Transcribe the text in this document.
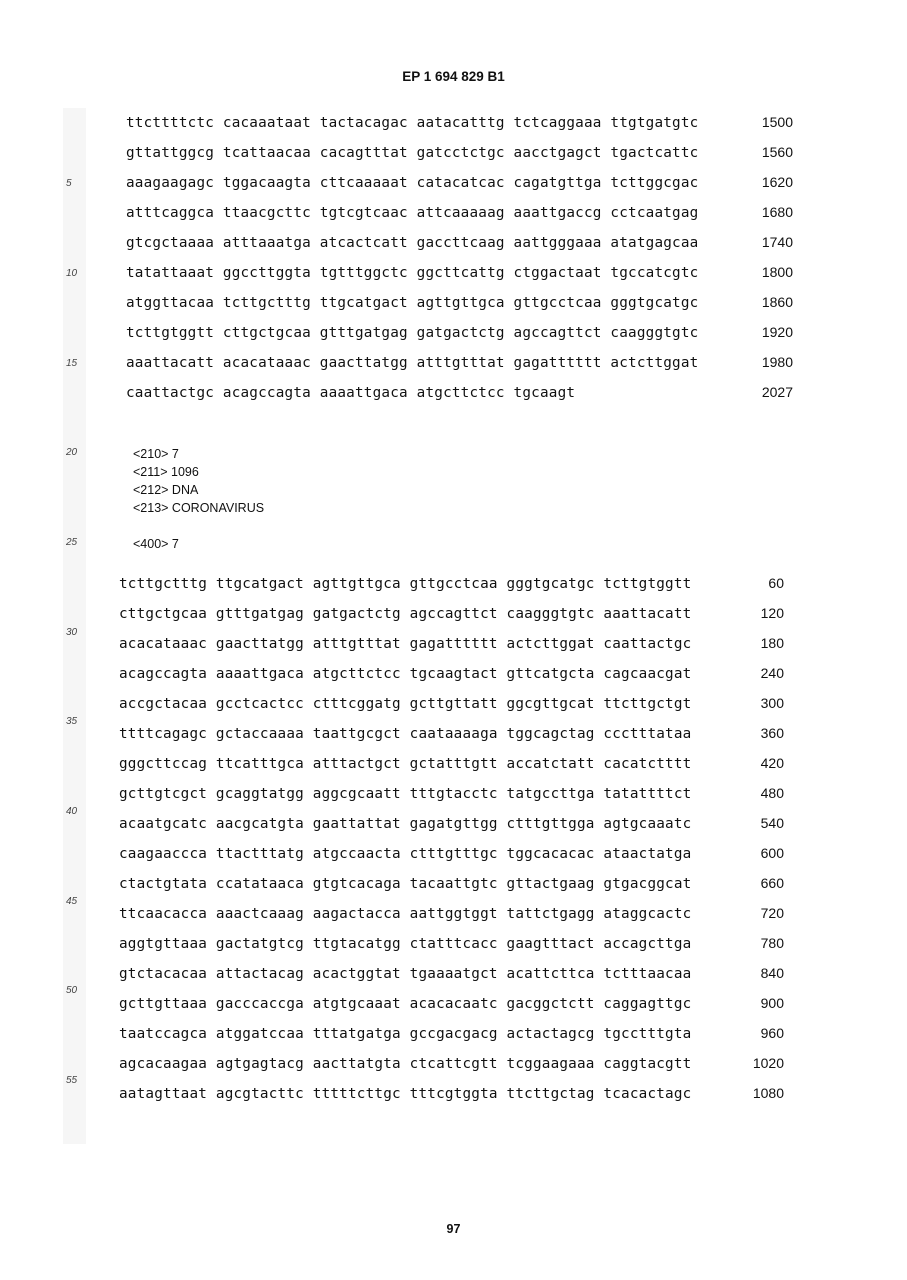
EP 1 694 829 B1
5
10
15
20
25
30
35
40
45
50
55
ttcttttctc cacaaataat tactacagac aatacatttg tctcaggaaa ttgtgatgtc	1500
gttattggcg tcattaacaa cacagtttat gatcctctgc aacctgagct tgactcattc	1560
aaagaagagc tggacaagta cttcaaaaat catacatcac cagatgttga tcttggcgac	1620
atttcaggca ttaacgcttc tgtcgtcaac attcaaaaag aaattgaccg cctcaatgag	1680
gtcgctaaaa atttaaatga atcactcatt gaccttcaag aattgggaaa atatgagcaa	1740
tatattaaat ggccttggta tgtttggctc ggcttcattg ctggactaat tgccatcgtc	1800
atggttacaa tcttgctttg ttgcatgact agttgttgca gttgcctcaa gggtgcatgc	1860
tcttgtggtt cttgctgcaa gtttgatgag gatgactctg agccagttct caagggtgtc	1920
aaattacatt acacataaac gaacttatgg atttgtttat gagatttttt actcttggat	1980
caattactgc acagccagta aaaattgaca atgcttctcc tgcaagt	2027
<210> 7
<211> 1096
<212> DNA
<213> CORONAVIRUS
<400> 7
tcttgctttg ttgcatgact agttgttgca gttgcctcaa gggtgcatgc tcttgtggtt	60
cttgctgcaa gtttgatgag gatgactctg agccagttct caagggtgtc aaattacatt	120
acacataaac gaacttatgg atttgtttat gagatttttt actcttggat caattactgc	180
acagccagta aaaattgaca atgcttctcc tgcaagtact gttcatgcta cagcaacgat	240
accgctacaa gcctcactcc ctttcggatg gcttgttatt ggcgttgcat ttcttgctgt	300
ttttcagagc gctaccaaaa taattgcgct caataaaaga tggcagctag ccctttataa	360
gggcttccag ttcatttgca atttactgct gctatttgtt accatctatt cacatctttt	420
gcttgtcgct gcaggtatgg aggcgcaatt tttgtacctc tatgccttga tatattttct	480
acaatgcatc aacgcatgta gaattattat gagatgttgg ctttgttgga agtgcaaatc	540
caagaaccca ttactttatg atgccaacta ctttgtttgc tggcacacac ataactatga	600
ctactgtata ccatataaca gtgtcacaga tacaattgtc gttactgaag gtgacggcat	660
ttcaacacca aaactcaaag aagactacca aattggtggt tattctgagg ataggcactc	720
aggtgttaaa gactatgtcg ttgtacatgg ctatttcacc gaagtttact accagcttga	780
gtctacacaa attactacag acactggtat tgaaaatgct acattcttca tctttaacaa	840
gcttgttaaa gacccaccga atgtgcaaat acacacaatc gacggctctt caggagttgc	900
taatccagca atggatccaa tttatgatga gccgacgacg actactagcg tgcctttgta	960
agcacaagaa agtgagtacg aacttatgta ctcattcgtt tcggaagaaa caggtacgtt	1020
aatagttaat agcgtacttc tttttcttgc tttcgtggta ttcttgctag tcacactagc	1080
97
